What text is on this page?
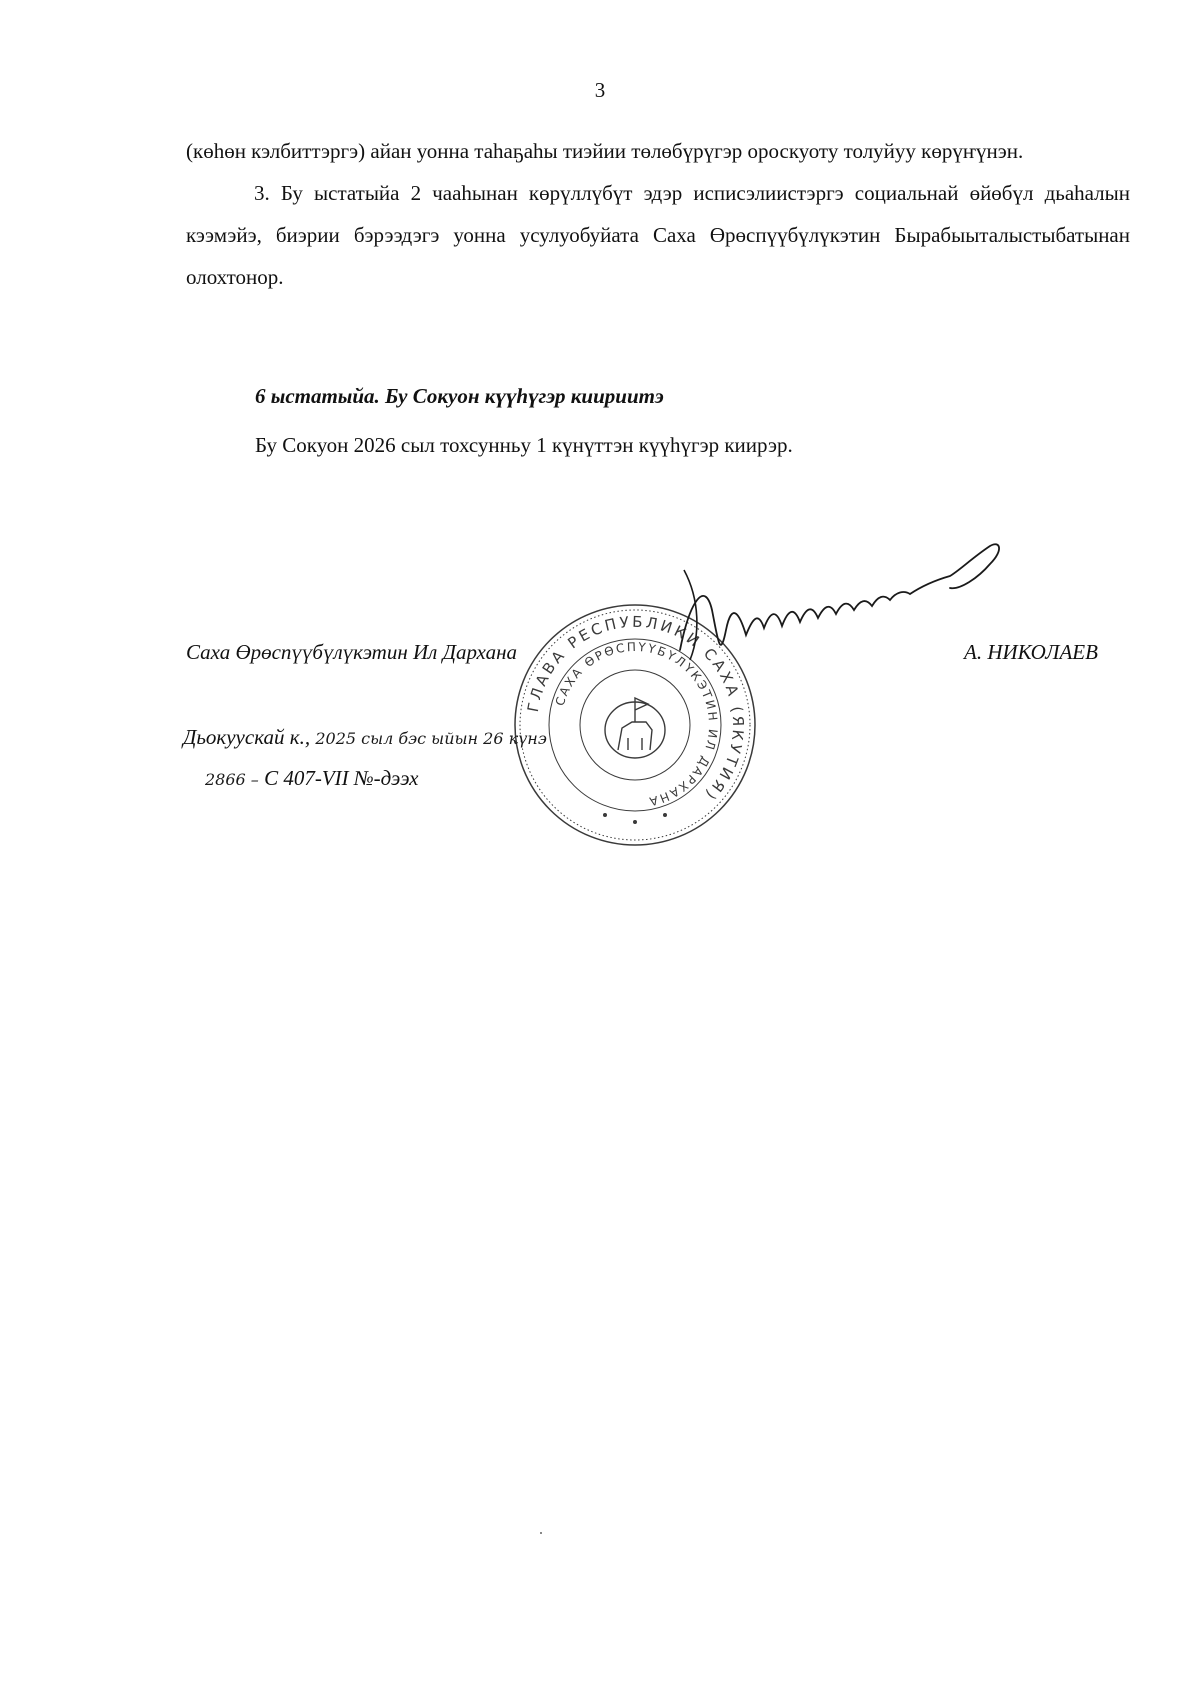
3

(көһөн кэлбиттэргэ) айан уонна таһаҕаһы тиэйии төлөбүрүгэр ороскуоту толуйуу көрүҥүнэн.

3. Бу ыстатыйа 2 чааһынан көрүллүбүт эдэр исписэлиистэргэ социальнай өйөбүл дьаһалын кээмэйэ, биэрии бэрээдэгэ уонна усулуобуйата Саха Өрөспүүбүлүкэтин Бырабыыталыстыбатынан олохтонор.

6 ыстатыйа. Бу Сокуон күүһүгэр киириитэ
Бу Сокуон 2026 сыл тохсунньу 1 күнүттэн күүһүгэр киирэр.
ГЛАВА РЕСПУБЛИКИ САХА (ЯКУТИЯ)
САХА ӨРӨСПҮҮБҮЛҮКЭТИН ИЛ ДАРХАНА
Саха Өрөспүүбүлүкэтин Ил Дархана	А. НИКОЛАЕВ
Дьокуускай к., 2025 сыл бэс ыйын 26 күнэ
2866 – С 407-VII №-дээх
